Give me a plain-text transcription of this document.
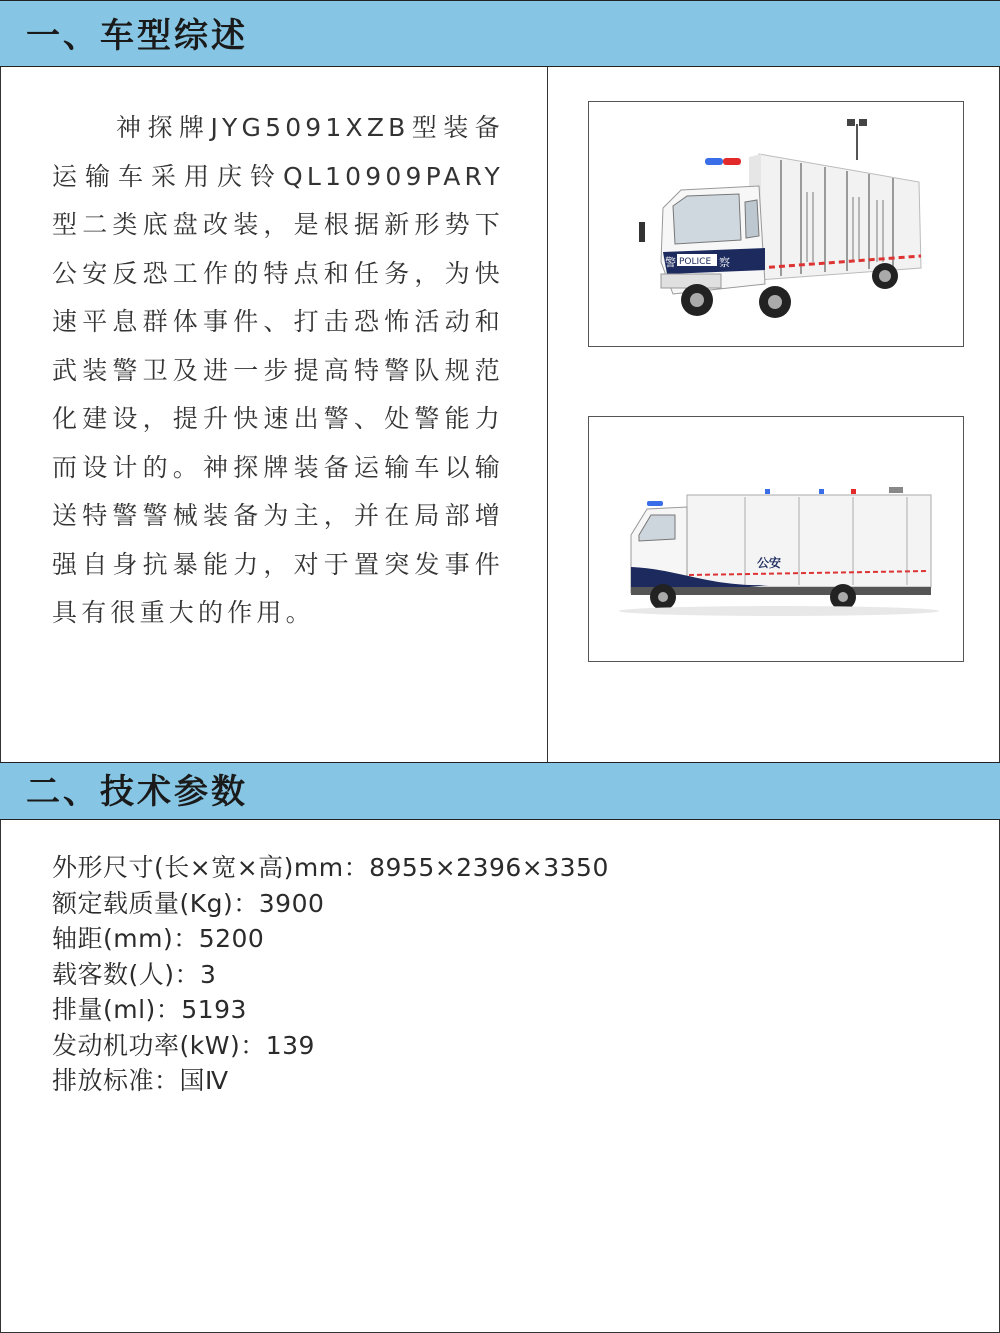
一、车型综述

神探牌JYG5091XZB型装备运输车采用庆铃QL10909PARY型二类底盘改装，是根据新形势下公安反恐工作的特点和任务，为快速平息群体事件、打击恐怖活动和武装警卫及进一步提高特警队规范化建设，提升快速出警、处警能力而设计的。神探牌装备运输车以输送特警警械装备为主，并在局部增强自身抗暴能力，对于置突发事件具有很重大的作用。

POLICE 察
警
公安
二、技术参数
外形尺寸(长×宽×高)mm：8955×2396×3350
额定载质量(Kg)：3900
轴距(mm)：5200
载客数(人)：3
排量(ml)：5193
发动机功率(kW)：139
排放标准：国Ⅳ
